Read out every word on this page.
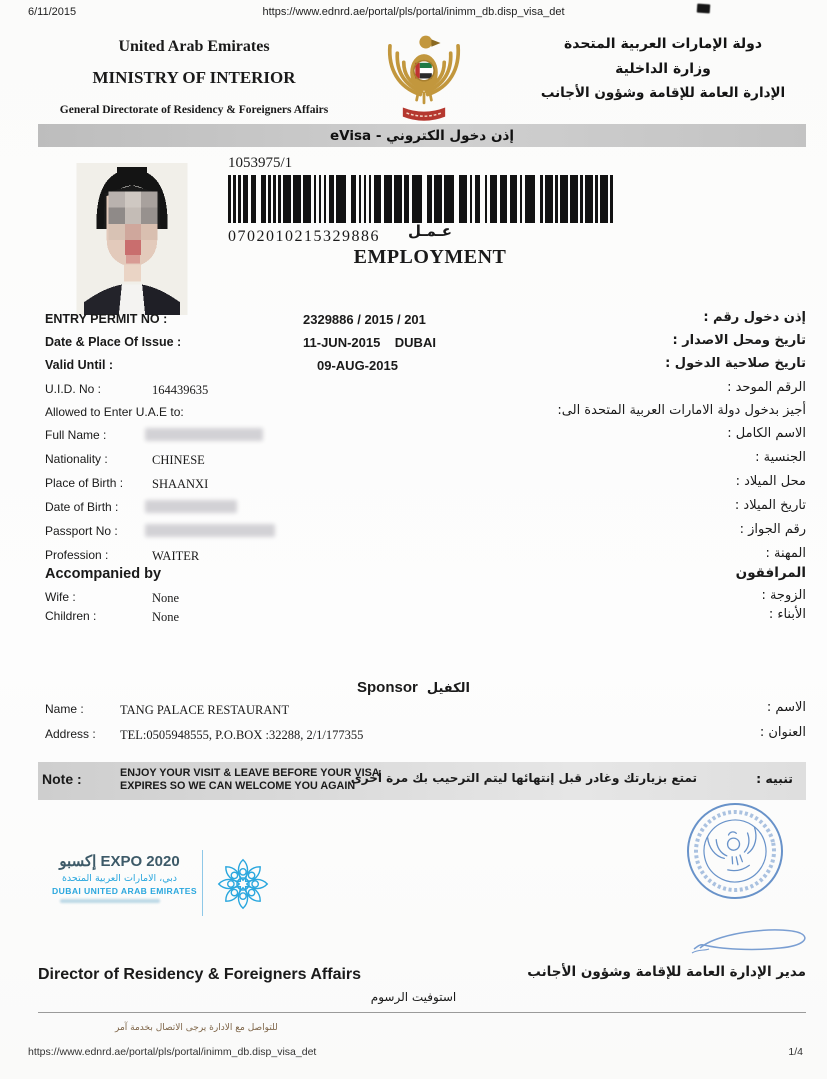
6/11/2015	https://www.ednrd.ae/portal/pls/portal/inimm_db.disp_visa_det
United Arab Emirates
MINISTRY OF INTERIOR
General Directorate of Residency & Foreigners Affairs
دولة الإمارات العربية المتحدة
وزارة الداخلية
الإدارة العامة للإقامة وشؤون الأجانب
إذن دخول الكتروني - eVisa
1053975/1
0702010215329886	عـمـل
EMPLOYMENT
ENTRY PERMIT NO :	2329886 / 2015 / 201	إذن دخول رقم :
Date & Place Of Issue :	11-JUN-2015    DUBAI	تاريخ ومحل الاصدار :
Valid Until :	09-AUG-2015	تاريخ صلاحية الدخول :
U.I.D. No :	164439635	الرقم الموحد :
Allowed to Enter U.A.E to:	أجيز بدخول دولة الامارات العربية المتحدة الى:
Full Name :	الاسم الكامل :
Nationality :	CHINESE	الجنسية :
Place of Birth : SHAANXI	محل الميلاد :
Date of Birth :	تاريخ الميلاد :
Passport No :	رقم الجواز :
Profession :	WAITER	المهنة :
Accompanied by	المرافقون
Wife :	None	الزوجة :
Children :	None	الأبناء :
Sponsor الكفيل
Name :	TANG PALACE RESTAURANT	الاسم :
Address : TEL:0505948555, P.O.BOX :32288, 2/1/177355	العنوان :
Note :	ENJOY YOUR VISIT & LEAVE BEFORE YOUR VISA
EXPIRES SO WE CAN WELCOME YOU AGAIN
تمتع بزيارتك وغادر قبل إنتهائها ليتم الترحيب بك مرة أخرى	تنبيه :
EXPO 2020 إكسبو
دبي، الامارات العربية المتحدة
DUBAI UNITED ARAB EMIRATES
Director of Residency & Foreigners Affairs	مدير الإدارة العامة للإقامة وشؤون الأجانب
استوفيت الرسوم
للتواصل مع الادارة يرجى الاتصال بخدمة آمر
https://www.ednrd.ae/portal/pls/portal/inimm_db.disp_visa_det	1/4
